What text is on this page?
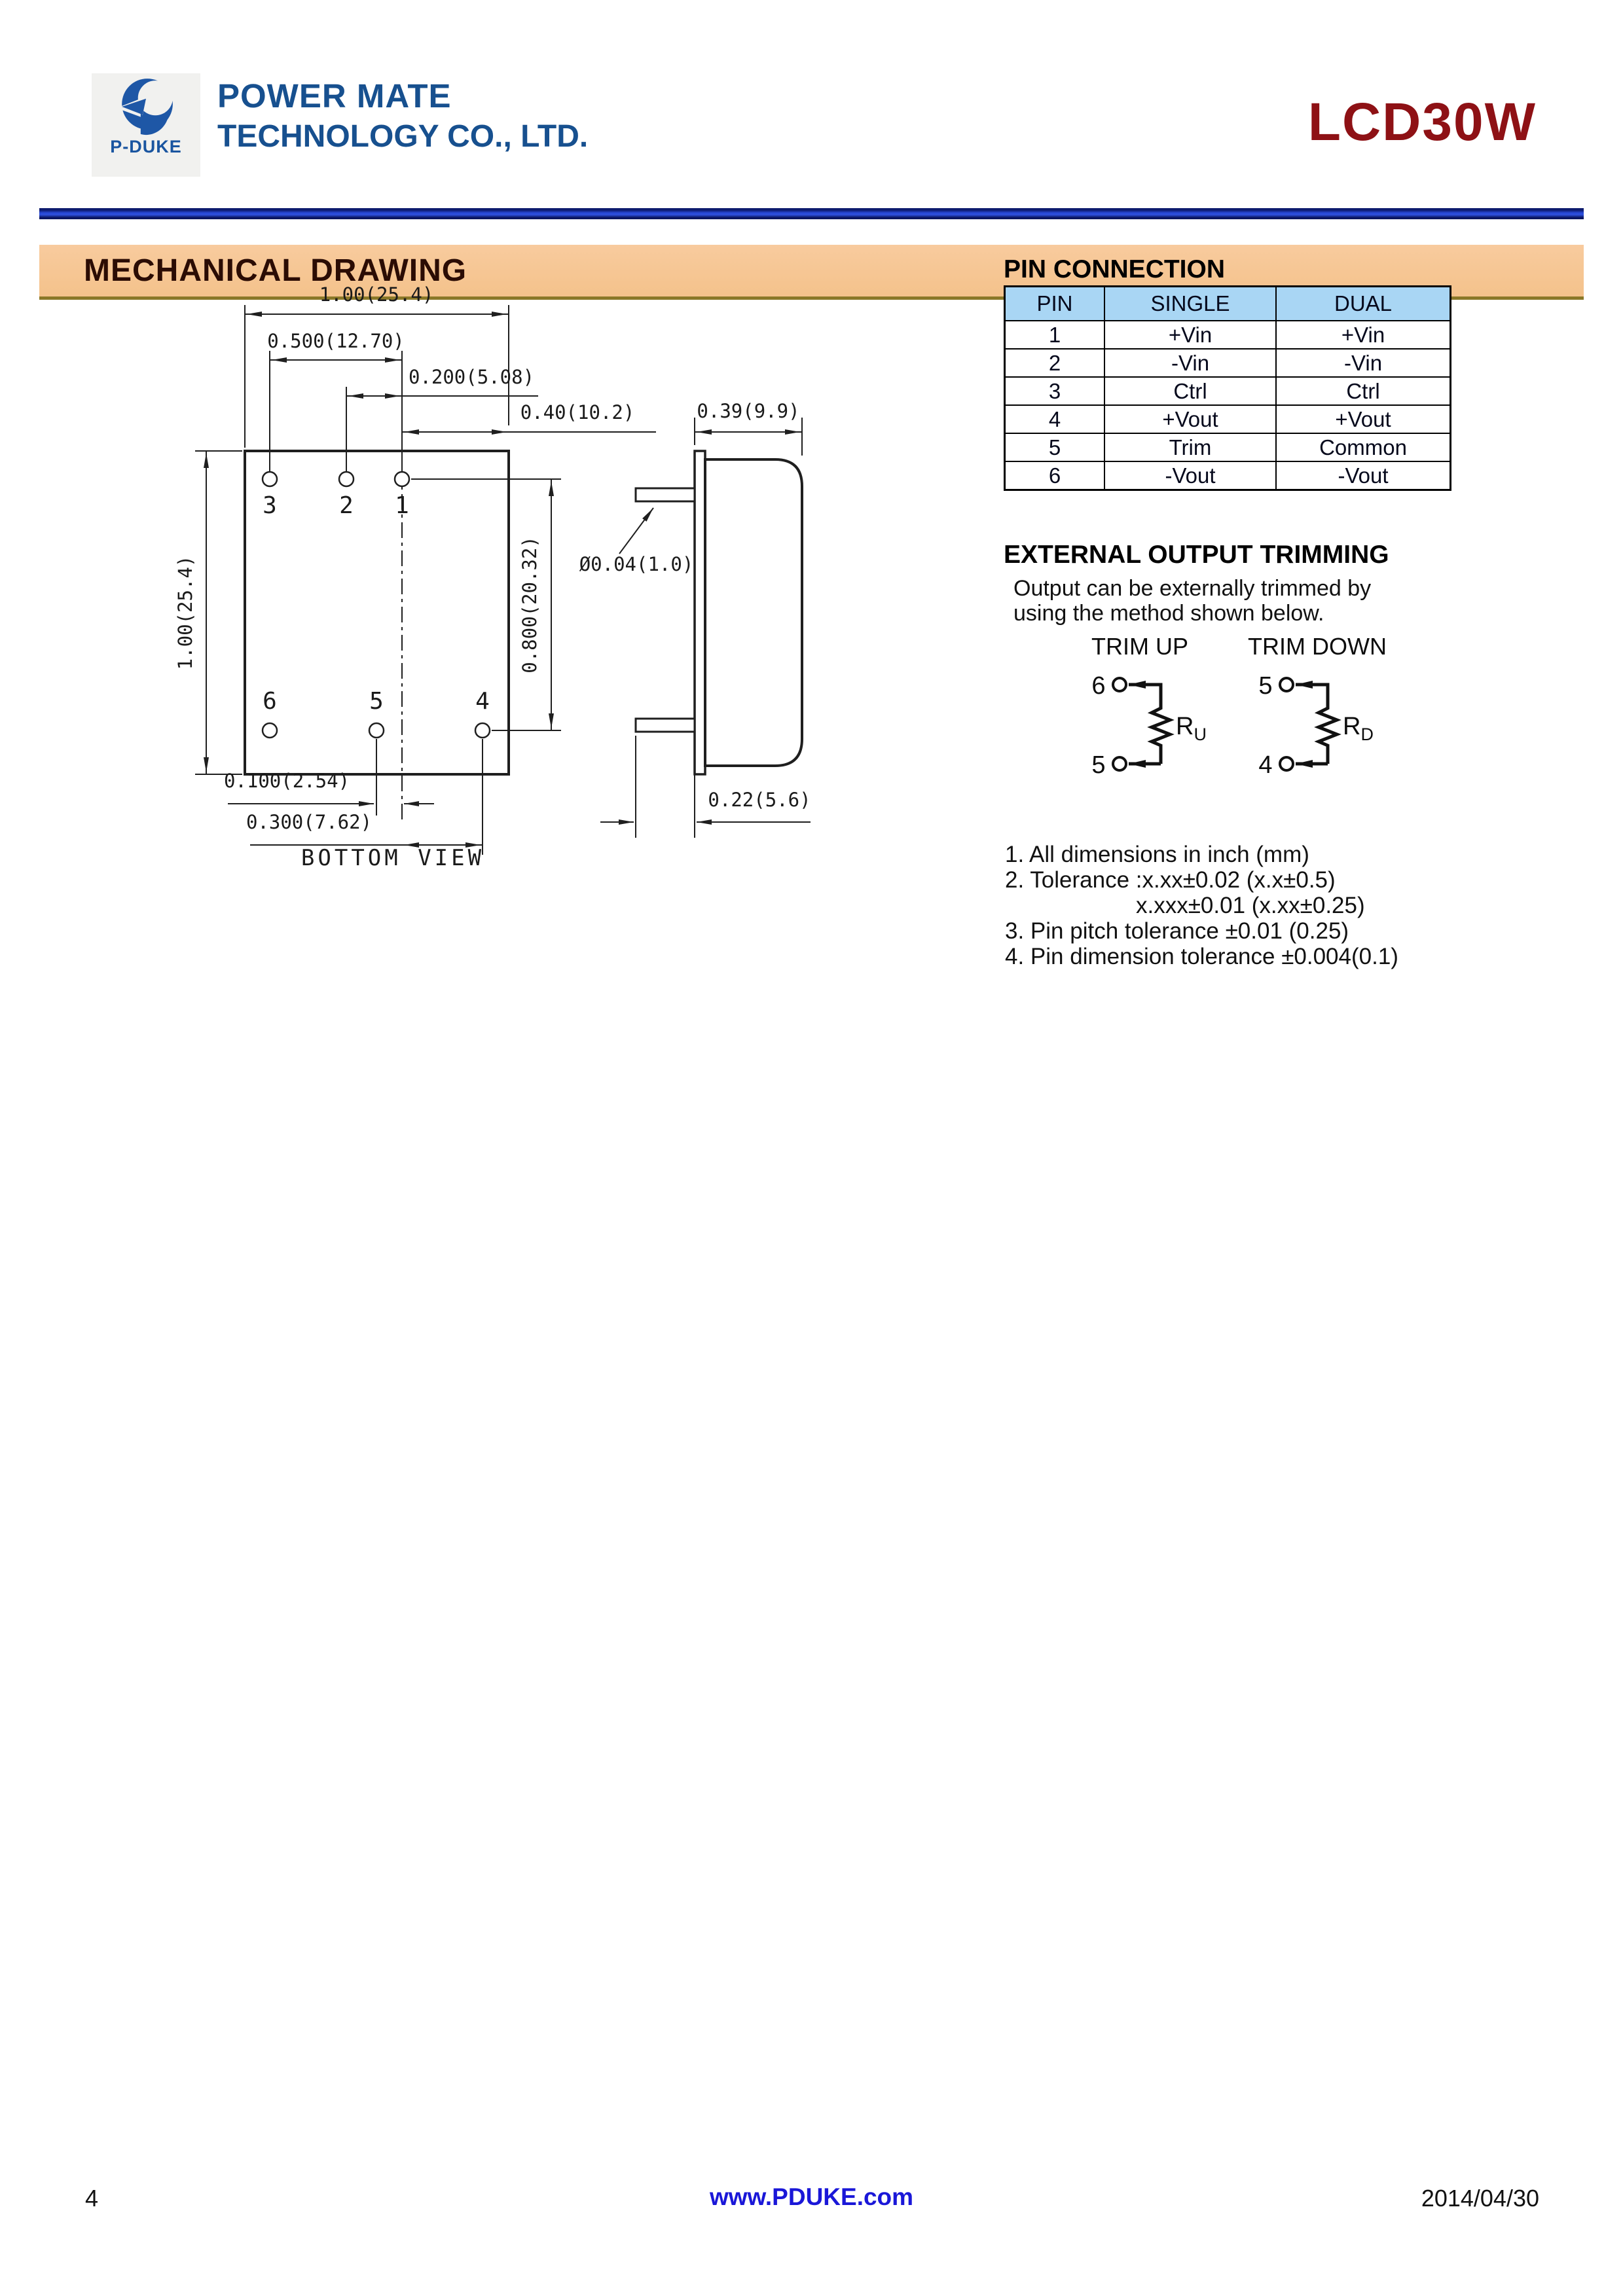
P-DUKE
POWER MATE
TECHNOLOGY CO., LTD.	LCD30W
MECHANICAL DRAWING
3	2 1
6	5	4
1.00(25.4)
0.500(12.70)
0.200(5.08)
0.40(10.2)
1.00(25.4)	0.800(20.32)
0.100(2.54)
0.300(7.62)
BOTTOM VIEW
0.39(9.9)
Ø0.04(1.0)
0.22(5.6)
PIN CONNECTION
PIN	SINGLE	DUAL
1	+Vin	+Vin
2	-Vin	-Vin
3	Ctrl	Ctrl
4	+Vout	+Vout
5	Trim	Common
6	-Vout	-Vout
EXTERNAL OUTPUT TRIMMING
Output can be externally trimmed by
using the method shown below.
TRIM UP
6
5
$R_U$
TRIM DOWN
5
4
$R_D$
1. All dimensions in inch (mm)
2. Tolerance :x.xx±0.02 (x.x±0.5)
x.xxx±0.01 (x.xx±0.25)
3. Pin pitch tolerance ±0.01 (0.25)
4. Pin dimension tolerance ±0.004(0.1)
4	www.PDUKE.com	2014/04/30
